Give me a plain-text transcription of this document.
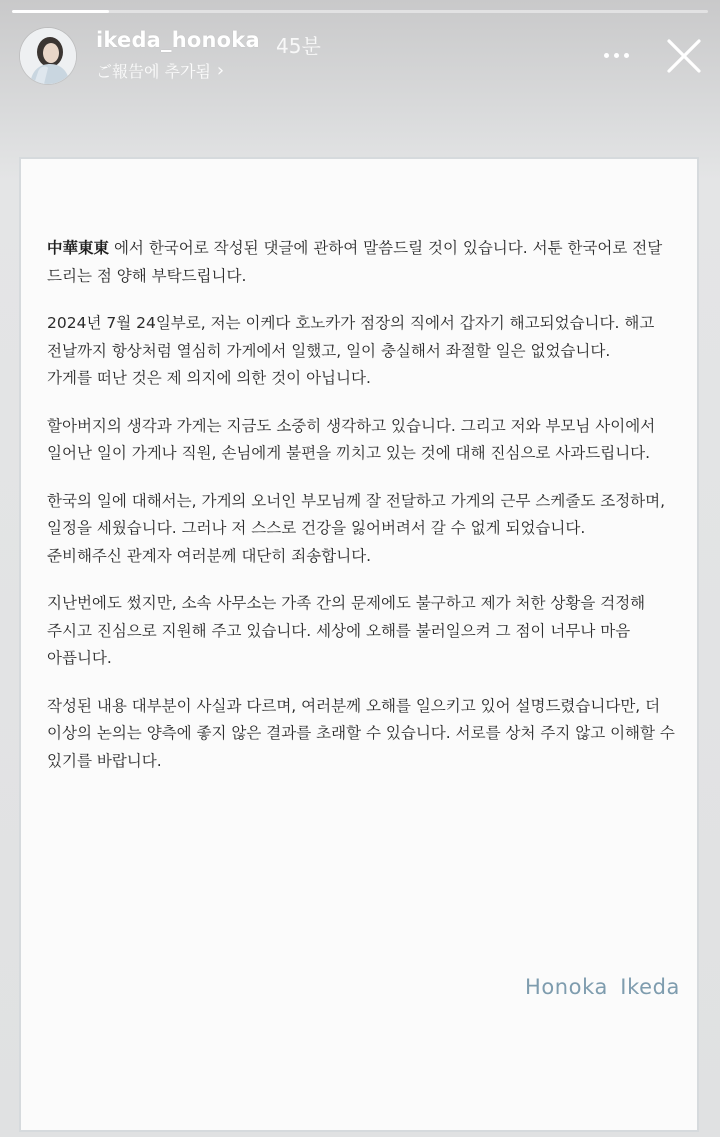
ikeda_honoka 45분
ご報告에 추가됨 ›

中華東東 에서 한국어로 작성된 댓글에 관하여 말씀드릴 것이 있습니다. 서툰 한국어로 전달 드리는 점 양해 부탁드립니다.

2024년 7월 24일부로, 저는 이케다 호노카가 점장의 직에서 갑자기 해고되었습니다. 해고 전날까지 항상처럼 열심히 가게에서 일했고, 일이 충실해서 좌절할 일은 없었습니다.
가게를 떠난 것은 제 의지에 의한 것이 아닙니다.

할아버지의 생각과 가게는 지금도 소중히 생각하고 있습니다. 그리고 저와 부모님 사이에서 일어난 일이 가게나 직원, 손님에게 불편을 끼치고 있는 것에 대해 진심으로 사과드립니다.

한국의 일에 대해서는, 가게의 오너인 부모님께 잘 전달하고 가게의 근무 스케줄도 조정하며, 일정을 세웠습니다. 그러나 저 스스로 건강을 잃어버려서 갈 수 없게 되었습니다.
준비해주신 관계자 여러분께 대단히 죄송합니다.

지난번에도 썼지만, 소속 사무소는 가족 간의 문제에도 불구하고 제가 처한 상황을 걱정해 주시고 진심으로 지원해 주고 있습니다. 세상에 오해를 불러일으켜 그 점이 너무나 마음 아픕니다.

작성된 내용 대부분이 사실과 다르며, 여러분께 오해를 일으키고 있어 설명드렸습니다만, 더 이상의 논의는 양측에 좋지 않은 결과를 초래할 수 있습니다. 서로를 상처 주지 않고 이해할 수 있기를 바랍니다.

Honoka Ikeda
